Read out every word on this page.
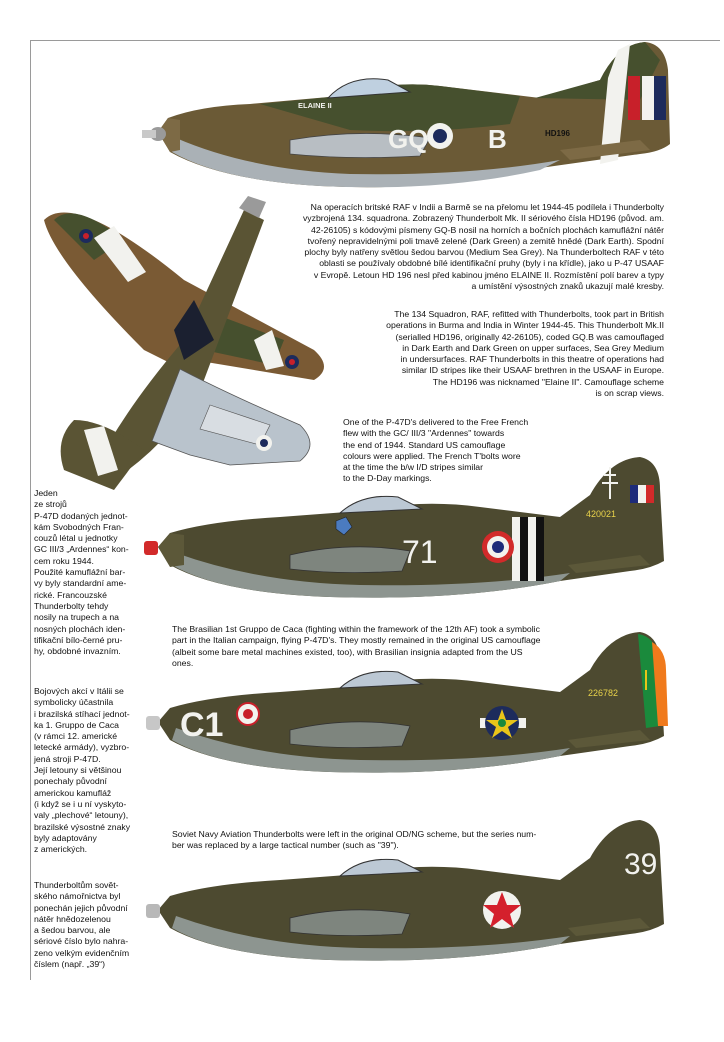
ELAINE II
GQ B	HD196

Na operacích britské RAF v Indii a Barmě se na přelomu let 1944-45 podílela i Thunderbolty
vyzbrojená 134. squadrona. Zobrazený Thunderbolt Mk. II sériového čísla HD196 (původ. am.
42-26105) s kódovými písmeny GQ-B nosil na horních a bočních plochách kamuflážní nátěr
tvořený nepravidelnými poli tmavě zelené (Dark Green) a zemitě hnědé (Dark Earth). Spodní
plochy byly natřeny světlou šedou barvou (Medium Sea Grey). Na Thunderboltech RAF v této
oblasti se používaly obdobné bílé identifikační pruhy (byly i na křídle), jako u P-47 USAAF
v Evropě. Letoun HD 196 nesl před kabinou jméno ELAINE II. Rozmístění polí barev a typy
a umístění výsostných znaků ukazují malé kresby.

The 134 Squadron, RAF, refitted with Thunderbolts, took part in British
operations in Burma and India in Winter 1944-45. This Thunderbolt Mk.II
(serialled HD196, originally 42-26105), coded GQ.B was camouflaged
in Dark Earth and Dark Green on upper surfaces, Sea Grey Medium
in undersurfaces. RAF Thunderbolts in this theatre of operations had
similar ID stripes like their USAAF brethren in the USAAF in Europe.
The HD196 was nicknamed "Elaine II". Camouflage scheme
is on scrap views.

One of the P-47D's delivered to the Free French
flew with the GC/ III/3 "Ardennes" towards
the end of 1944. Standard US camouflage
colours were applied. The French T'bolts wore
at the time the b/w I/D stripes similar
to the D-Day markings.

Jeden
ze strojů
P-47D dodaných jednot-
kám Svobodných Fran-
couzů létal u jednotky
GC III/3 „Ardennes“ kon-
cem roku 1944.
Použité kamuflážní bar-
vy byly standardní ame-
rické. Francouzské
Thunderbolty tehdy
nosily na trupech a na
nosných plochách iden-
tifikační bílo-černé pru-
hy, obdobné invazním.

71
420021

The Brasilian 1st Gruppo de Caca (fighting within the framework of the 12th AF) took a symbolic
part in the Italian campaign, flying P-47D's. They mostly remained in the original US camouflage
(albeit some bare metal machines existed, too), with Brasilian insignia adapted from the US
ones.

Bojových akcí v Itálii se
symbolicky účastnila
i brazilská stíhací jednot-
ka 1. Gruppo de Caca
(v rámci 12. americké
letecké armády), vyzbro-
jená stroji P-47D.
Její letouny si většinou
ponechaly původní
americkou kamufláž
(i když se i u ní vyskyto-
valy „plechové“ letouny),
brazilské výsostné znaky
byly adaptovány
z amerických.

C1
226782

Soviet Navy Aviation Thunderbolts were left in the original OD/NG scheme, but the series num-
ber was replaced by a large tactical number (such as "39").

Thunderboltům sovět-
ského námořnictva byl
ponechán jejich původní
nátěr hnědozelenou
a šedou barvou, ale
sériové číslo bylo nahra-
zeno velkým evidenčním
číslem (např. „39“)

39
